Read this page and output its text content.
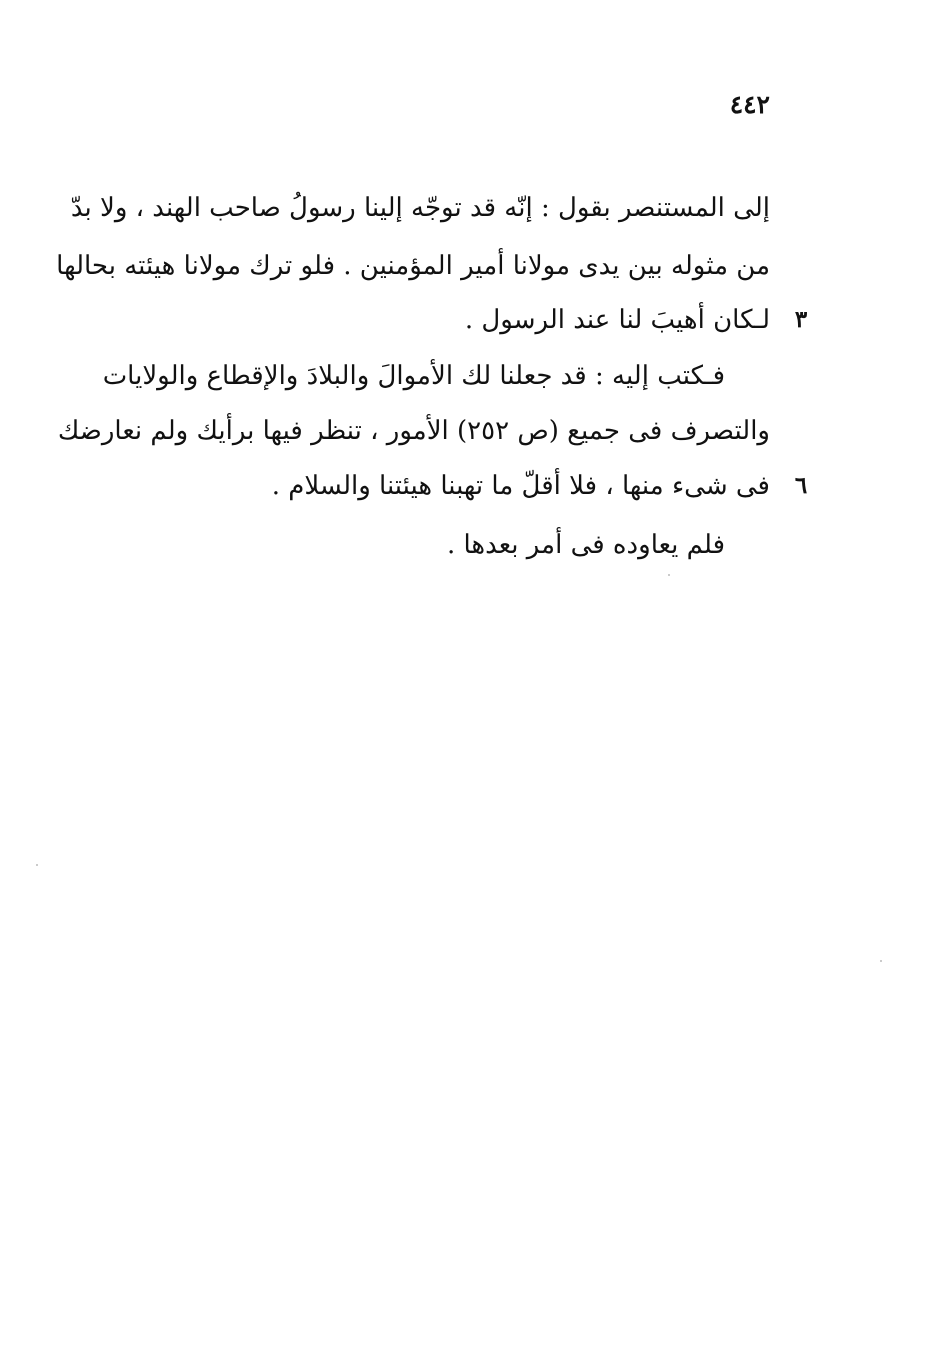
٤٤٢
إلى المستنصر بقول : إنّه قد توجّه إلينا رسولُ صاحب الهند ، ولا بدّ
من مثوله بين يدى مولانا أمير المؤمنين . فلو ترك مولانا هيئته بحالها
لـكان أهيبَ لنا عند الرسول .	٣
فـكتب إليه : قد جعلنا لك الأموالَ والبلادَ والإقطاع والولايات
والتصرف فى جميع (ص ٢٥٢) الأمور ، تنظر فيها برأيك ولم نعارضك
فى شىء منها ، فلا أقلّ ما تهبنا هيئتنا والسلام .	٦
فلم يعاوده فى أمر بعدها .
